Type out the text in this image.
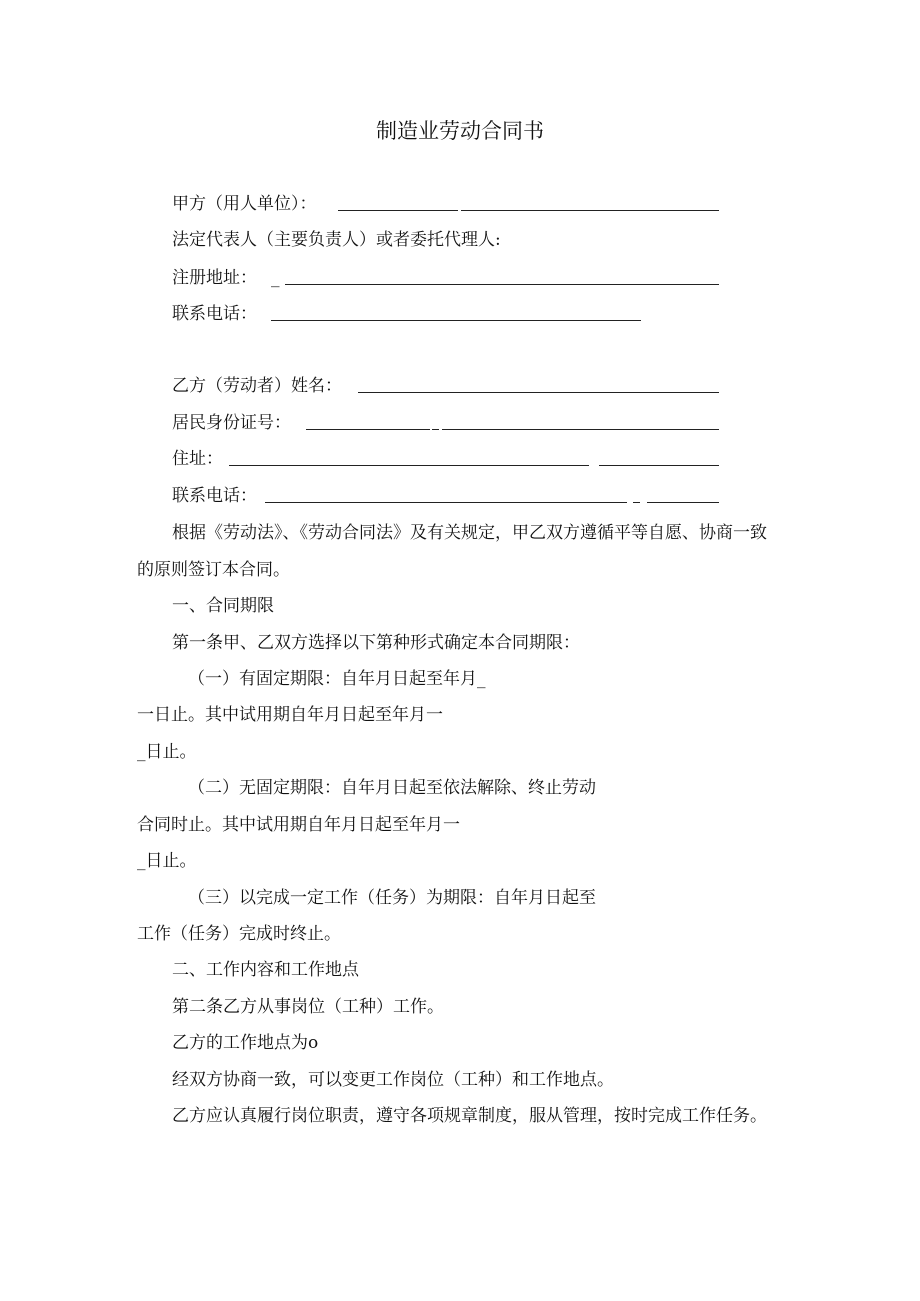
制造业劳动合同书
甲方（用人单位）：
法定代表人（主要负责人）或者委托代理人:
注册地址： _
联系电话：
乙方（劳动者）姓名：
居民身份证号：
住址：
联系电话：
根据《劳动法》、《劳动合同法》及有关规定，甲乙双方遵循平等自愿、协商一致
的原则签订本合同。
一、合同期限
第一条甲、乙双方选择以下第种形式确定本合同期限：
（一）有固定期限：自年月日起至年月_
一日止。其中试用期自年月日起至年月一
_日止。
（二）无固定期限：自年月日起至依法解除、终止劳动
合同时止。其中试用期自年月日起至年月一
_日止。
（三）以完成一定工作（任务）为期限：自年月日起至
工作（任务）完成时终止。
二、工作内容和工作地点
第二条乙方从事岗位（工种）工作。
乙方的工作地点为o
经双方协商一致，可以变更工作岗位（工种）和工作地点。
乙方应认真履行岗位职责，遵守各项规章制度，服从管理，按时完成工作任务。
